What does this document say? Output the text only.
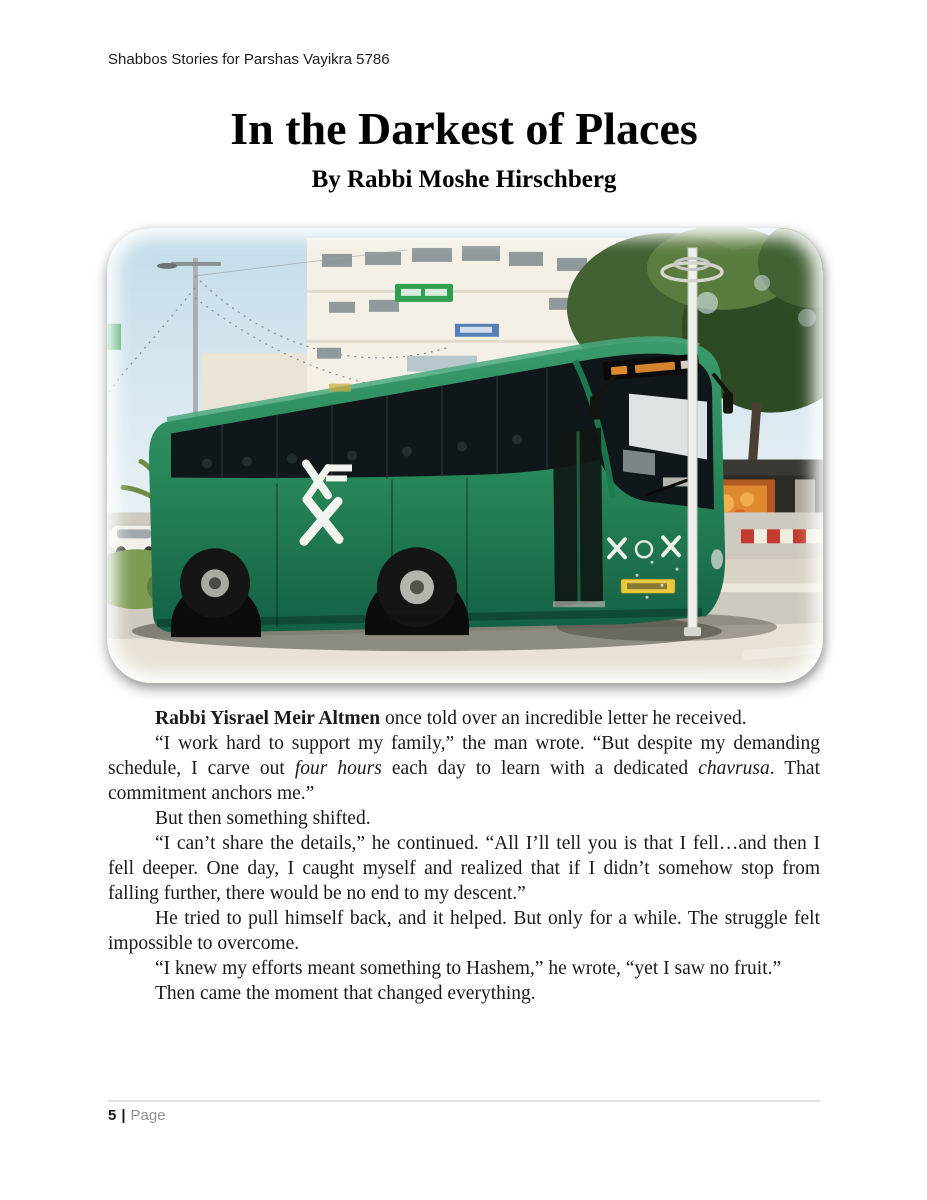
Shabbos Stories for Parshas Vayikra 5786
In the Darkest of Places
By Rabbi Moshe Hirschberg

Rabbi Yisrael Meir Altmen once told over an incredible letter he received.

“I work hard to support my family,” the man wrote. “But despite my demanding schedule, I carve out four hours each day to learn with a dedicated chavrusa. That commitment anchors me.”

But then something shifted.

“I can’t share the details,” he continued. “All I’ll tell you is that I fell…and then I fell deeper. One day, I caught myself and realized that if I didn’t somehow stop from falling further, there would be no end to my descent.”

He tried to pull himself back, and it helped. But only for a while. The struggle felt impossible to overcome.

“I knew my efforts meant something to Hashem,” he wrote, “yet I saw no fruit.”

Then came the moment that changed everything.

5 | Page
